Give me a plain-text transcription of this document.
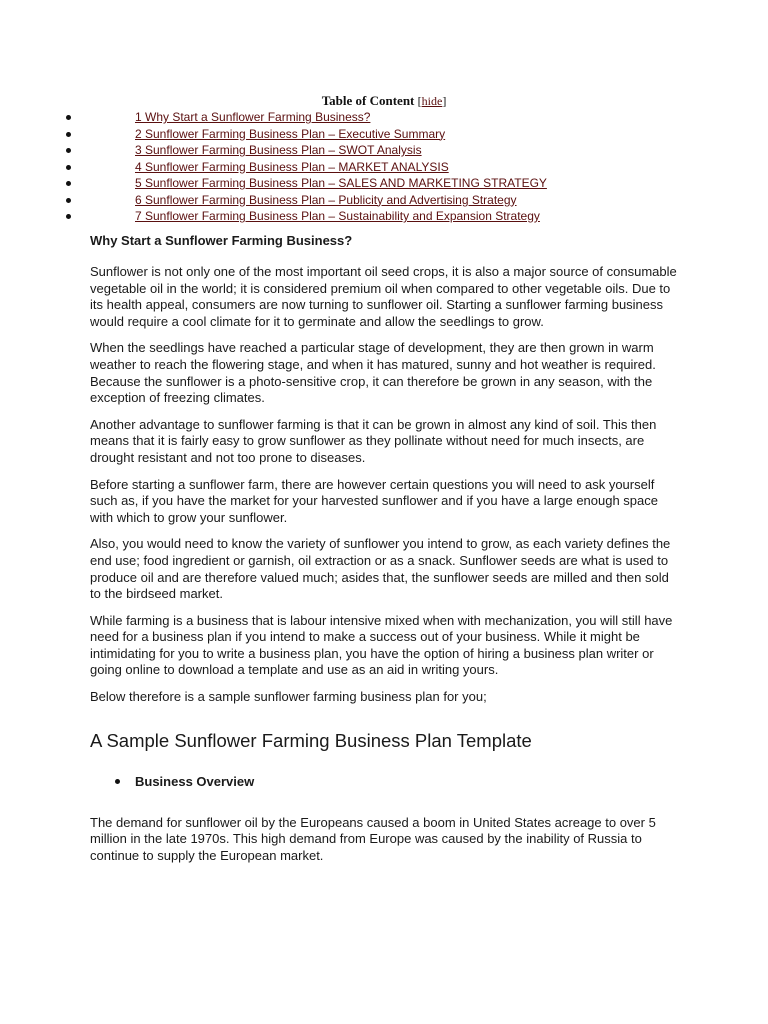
Table of Content [hide]
1 Why Start a Sunflower Farming Business?
2 Sunflower Farming Business Plan – Executive Summary
3 Sunflower Farming Business Plan – SWOT Analysis
4 Sunflower Farming Business Plan – MARKET ANALYSIS
5 Sunflower Farming Business Plan – SALES AND MARKETING STRATEGY
6 Sunflower Farming Business Plan – Publicity and Advertising Strategy
7 Sunflower Farming Business Plan – Sustainability and Expansion Strategy
Why Start a Sunflower Farming Business?

Sunflower is not only one of the most important oil seed crops, it is also a major source of consumable vegetable oil in the world; it is considered premium oil when compared to other vegetable oils. Due to its health appeal, consumers are now turning to sunflower oil. Starting a sunflower farming business would require a cool climate for it to germinate and allow the seedlings to grow.

When the seedlings have reached a particular stage of development, they are then grown in warm weather to reach the flowering stage, and when it has matured, sunny and hot weather is required. Because the sunflower is a photo-sensitive crop, it can therefore be grown in any season, with the exception of freezing climates.

Another advantage to sunflower farming is that it can be grown in almost any kind of soil. This then means that it is fairly easy to grow sunflower as they pollinate without need for much insects, are drought resistant and not too prone to diseases.

Before starting a sunflower farm, there are however certain questions you will need to ask yourself such as, if you have the market for your harvested sunflower and if you have a large enough space with which to grow your sunflower.

Also, you would need to know the variety of sunflower you intend to grow, as each variety defines the end use; food ingredient or garnish, oil extraction or as a snack. Sunflower seeds are what is used to produce oil and are therefore valued much; asides that, the sunflower seeds are milled and then sold to the birdseed market.

While farming is a business that is labour intensive mixed when with mechanization, you will still have need for a business plan if you intend to make a success out of your business. While it might be intimidating for you to write a business plan, you have the option of hiring a business plan writer or going online to download a template and use as an aid in writing yours.

Below therefore is a sample sunflower farming business plan for you;

A Sample Sunflower Farming Business Plan Template
Business Overview

The demand for sunflower oil by the Europeans caused a boom in United States acreage to over 5 million in the late 1970s. This high demand from Europe was caused by the inability of Russia to continue to supply the European market.
